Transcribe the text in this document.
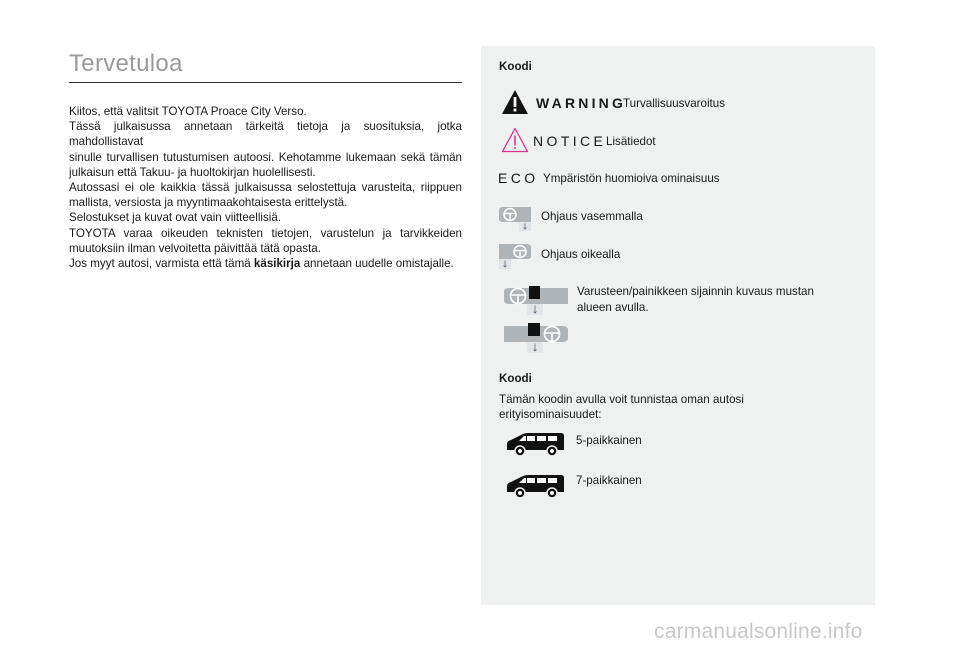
Tervetuloa

Kiitos, että valitsit TOYOTA Proace City Verso.

Tässä julkaisussa annetaan tärkeitä tietoja ja suosituksia, jotka mahdollistavat

sinulle turvallisen tutustumisen autoosi. Kehotamme lukemaan sekä tämän

julkaisun että Takuu- ja huoltokirjan huolellisesti.

Autossasi ei ole kaikkia tässä julkaisussa selostettuja varusteita, riippuen

mallista, versiosta ja myyntimaakohtaisesta erittelystä.

Selostukset ja kuvat ovat vain viitteellisiä.

TOYOTA varaa oikeuden teknisten tietojen, varustelun ja tarvikkeiden

muutoksiin ilman velvoitetta päivittää tätä opasta.

Jos myyt autosi, varmista että tämä käsikirja annetaan uudelle omistajalle.

Koodi
WARNING
Turvallisuusvaroitus
NOTICE Lisätiedot
ECO Ympäristön huomioiva ominaisuus
Ohjaus vasemmalla
Ohjaus oikealla
Varusteen/painikkeen sijainnin kuvaus mustan
alueen avulla.
Koodi
Tämän koodin avulla voit tunnistaa oman autosi
erityisominaisuudet:
5-paikkainen
7-paikkainen
carmanualsonline.info
